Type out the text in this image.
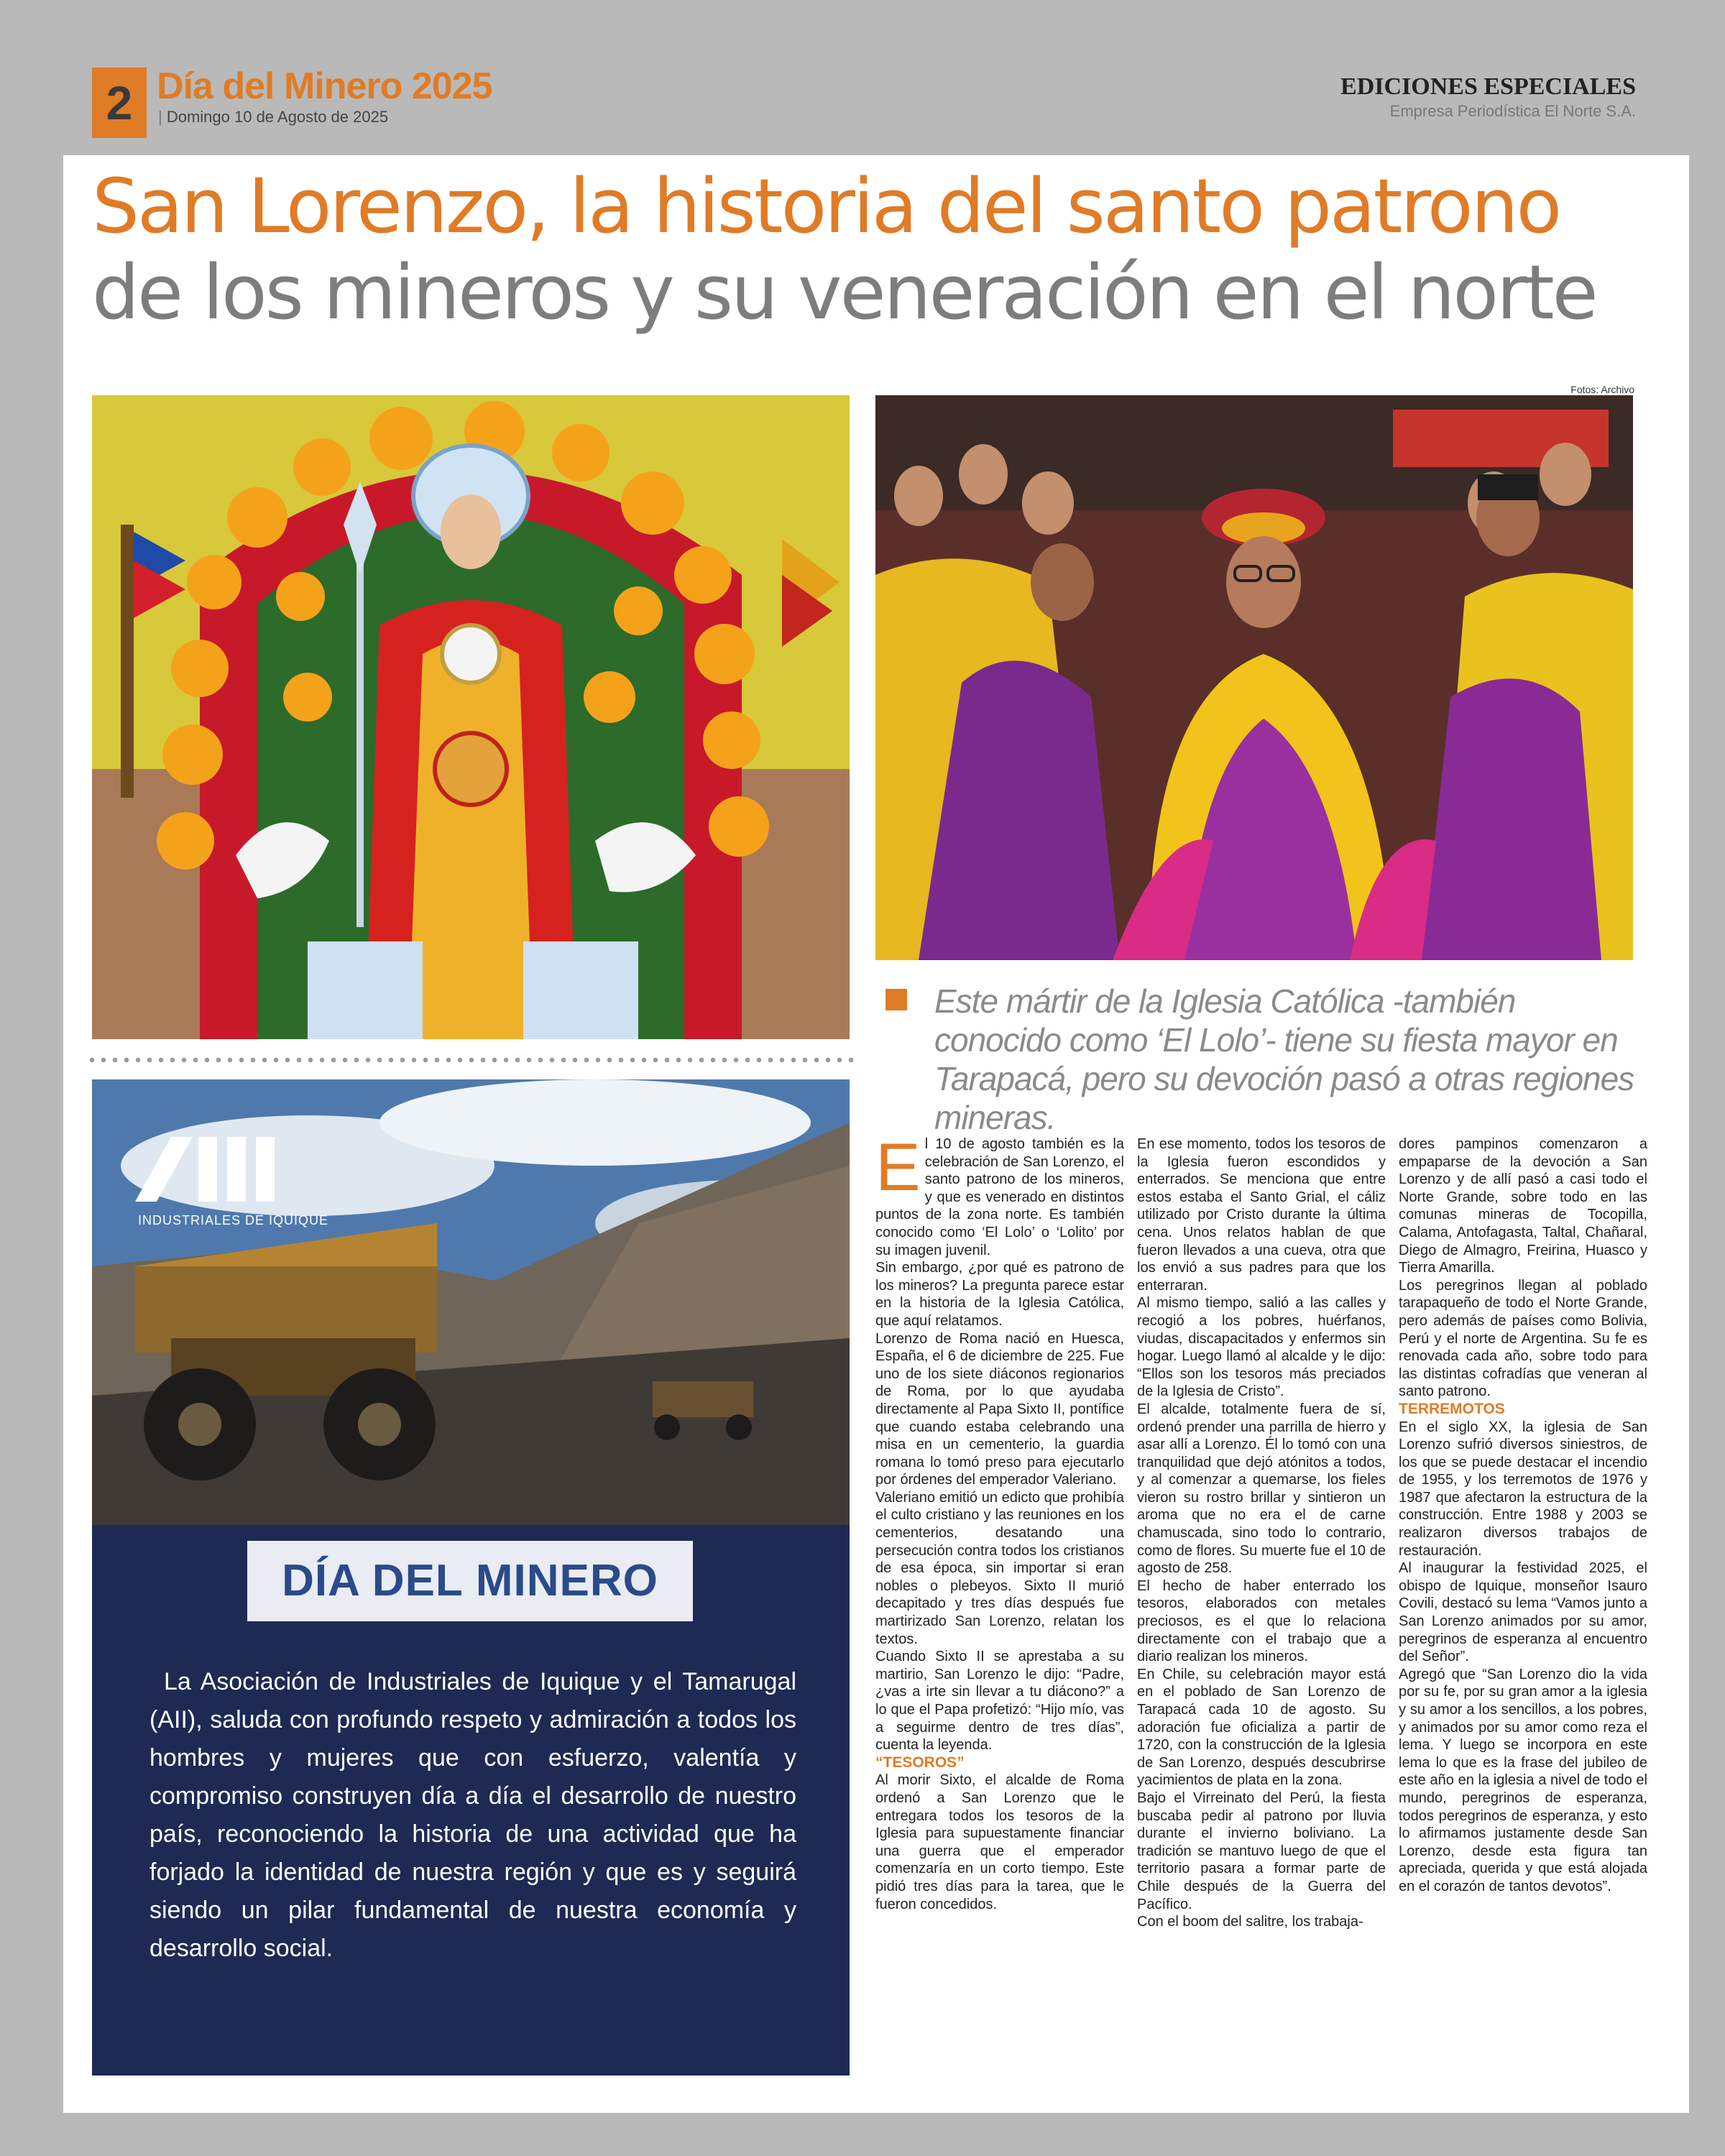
2 Día del Minero 2025
| Domingo 10 de Agosto de 2025
EDICIONES ESPECIALES
Empresa Periodística El Norte S.A.
San Lorenzo, la historia del santo patrono
de los mineros y su veneración en el norte
Fotos: Archivo
INDUSTRIALES DE IQUIQUE
DÍA DEL MINERO
La Asociación de Industriales de Iquique y el Tamarugal (AII), saluda con profundo respeto y admiración a todos los hombres y mujeres que con esfuerzo, valentía y compromiso construyen día a día el desarrollo de nuestro país, reconociendo la historia de una actividad que ha forjado la identidad de nuestra región y que es y seguirá siendo un pilar fundamental de nuestra economía y desarrollo social.
Este mártir de la Iglesia Católica -también conocido como ‘El Lolo’- tiene su fiesta mayor en Tarapacá, pero su devoción pasó a otras regiones mineras.
E l 10 de agosto también es la celebración de San Lorenzo, el santo patrono de los mineros, y que es venerado en distintos puntos de la zona norte. Es también conocido como ‘El Lolo’ o ‘Lolito’ por su imagen juvenil.

Sin embargo, ¿por qué es patrono de los mineros? La pregunta parece estar en la historia de la Iglesia Católica, que aquí relatamos.

Lorenzo de Roma nació en Huesca, España, el 6 de diciembre de 225. Fue uno de los siete diáconos regionarios de Roma, por lo que ayudaba directamente al Papa Sixto II, pontífice que cuando estaba celebrando una misa en un cementerio, la guardia romana lo tomó preso para ejecutarlo por órdenes del emperador Valeriano.

Valeriano emitió un edicto que prohibía el culto cristiano y las reuniones en los cementerios, desatando una persecución contra todos los cristianos de esa época, sin importar si eran nobles o plebeyos. Sixto II murió decapitado y tres días después fue martirizado San Lorenzo, relatan los textos.

Cuando Sixto II se aprestaba a su martirio, San Lorenzo le dijo: “Padre, ¿vas a irte sin llevar a tu diácono?” a lo que el Papa profetizó: “Hijo mío, vas a seguirme dentro de tres días”, cuenta la leyenda.

“TESOROS”

Al morir Sixto, el alcalde de Roma ordenó a San Lorenzo que le entregara todos los tesoros de la Iglesia para supuestamente financiar una guerra que el emperador comenzaría en un corto tiempo. Este pidió tres días para la tarea, que le fueron concedidos.

En ese momento, todos los tesoros de la Iglesia fueron escondidos y enterrados. Se menciona que entre estos estaba el Santo Grial, el cáliz utilizado por Cristo durante la última cena. Unos relatos hablan de que fueron llevados a una cueva, otra que los envió a sus padres para que los enterraran.

Al mismo tiempo, salió a las calles y recogió a los pobres, huérfanos, viudas, discapacitados y enfermos sin hogar. Luego llamó al alcalde y le dijo: “Ellos son los tesoros más preciados de la Iglesia de Cristo”.

El alcalde, totalmente fuera de sí, ordenó prender una parrilla de hierro y asar allí a Lorenzo. Él lo tomó con una tranquilidad que dejó atónitos a todos, y al comenzar a quemarse, los fieles vieron su rostro brillar y sintieron un aroma que no era el de carne chamuscada, sino todo lo contrario, como de flores. Su muerte fue el 10 de agosto de 258.

El hecho de haber enterrado los tesoros, elaborados con metales preciosos, es el que lo relaciona directamente con el trabajo que a diario realizan los mineros.

En Chile, su celebración mayor está en el poblado de San Lorenzo de Tarapacá cada 10 de agosto. Su adoración fue oficializa a partir de 1720, con la construcción de la Iglesia de San Lorenzo, después descubrirse yacimientos de plata en la zona.

Bajo el Virreinato del Perú, la fiesta buscaba pedir al patrono por lluvia durante el invierno boliviano. La tradición se mantuvo luego de que el territorio pasara a formar parte de Chile después de la Guerra del Pacífico.

Con el boom del salitre, los trabaja-

dores pampinos comenzaron a empaparse de la devoción a San Lorenzo y de allí pasó a casi todo el Norte Grande, sobre todo en las comunas mineras de Tocopilla, Calama, Antofagasta, Taltal, Chañaral, Diego de Almagro, Freirina, Huasco y Tierra Amarilla.

Los peregrinos llegan al poblado tarapaqueño de todo el Norte Grande, pero además de países como Bolivia, Perú y el norte de Argentina. Su fe es renovada cada año, sobre todo para las distintas cofradías que veneran al santo patrono.

TERREMOTOS

En el siglo XX, la iglesia de San Lorenzo sufrió diversos siniestros, de los que se puede destacar el incendio de 1955, y los terremotos de 1976 y 1987 que afectaron la estructura de la construcción. Entre 1988 y 2003 se realizaron diversos trabajos de restauración.

Al inaugurar la festividad 2025, el obispo de Iquique, monseñor Isauro Covili, destacó su lema “Vamos junto a San Lorenzo animados por su amor, peregrinos de esperanza al encuentro del Señor”.

Agregó que “San Lorenzo dio la vida por su fe, por su gran amor a la iglesia y su amor a los sencillos, a los pobres, y animados por su amor como reza el lema. Y luego se incorpora en este lema lo que es la frase del jubileo de este año en la iglesia a nivel de todo el mundo, peregrinos de esperanza, todos peregrinos de esperanza, y esto lo afirmamos justamente desde San Lorenzo, desde esta figura tan apreciada, querida y que está alojada en el corazón de tantos devotos”.
